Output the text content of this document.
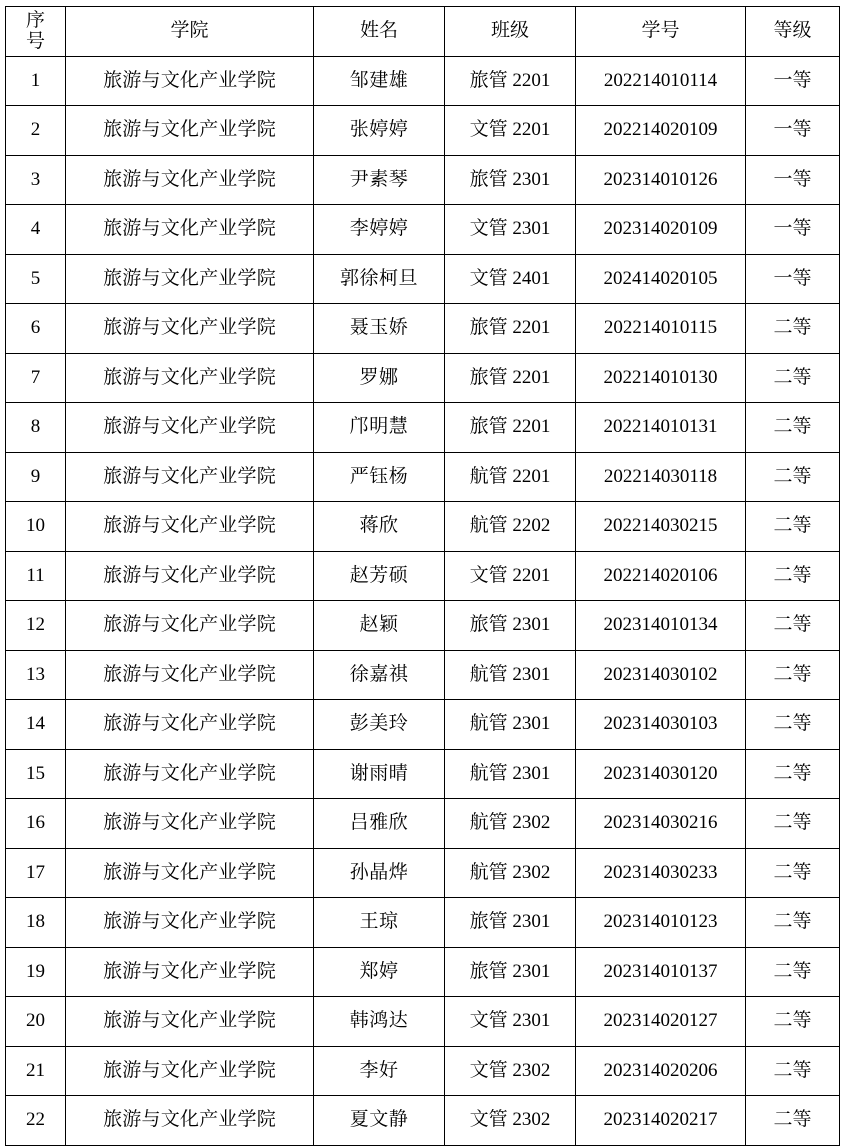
序
号	学院	姓名	班级	学号	等级
1	旅游与文化产业学院	邹建雄	旅管 2201	202214010114	一等
2	旅游与文化产业学院	张婷婷	文管 2201	202214020109	一等
3	旅游与文化产业学院	尹素琴	旅管 2301	202314010126	一等
4	旅游与文化产业学院	李婷婷	文管 2301	202314020109	一等
5	旅游与文化产业学院	郭徐柯旦	文管 2401	202414020105	一等
6	旅游与文化产业学院	聂玉娇	旅管 2201	202214010115	二等
7	旅游与文化产业学院	罗娜	旅管 2201	202214010130	二等
8	旅游与文化产业学院	邝明慧	旅管 2201	202214010131	二等
9	旅游与文化产业学院	严钰杨	航管 2201	202214030118	二等
10	旅游与文化产业学院	蒋欣	航管 2202	202214030215	二等
11	旅游与文化产业学院	赵芳硕	文管 2201	202214020106	二等
12	旅游与文化产业学院	赵颖	旅管 2301	202314010134	二等
13	旅游与文化产业学院	徐嘉祺	航管 2301	202314030102	二等
14	旅游与文化产业学院	彭美玲	航管 2301	202314030103	二等
15	旅游与文化产业学院	谢雨晴	航管 2301	202314030120	二等
16	旅游与文化产业学院	吕雅欣	航管 2302	202314030216	二等
17	旅游与文化产业学院	孙晶烨	航管 2302	202314030233	二等
18	旅游与文化产业学院	王琼	旅管 2301	202314010123	二等
19	旅游与文化产业学院	郑婷	旅管 2301	202314010137	二等
20	旅游与文化产业学院	韩鸿达	文管 2301	202314020127	二等
21	旅游与文化产业学院	李好	文管 2302	202314020206	二等
22	旅游与文化产业学院	夏文静	文管 2302	202314020217	二等
